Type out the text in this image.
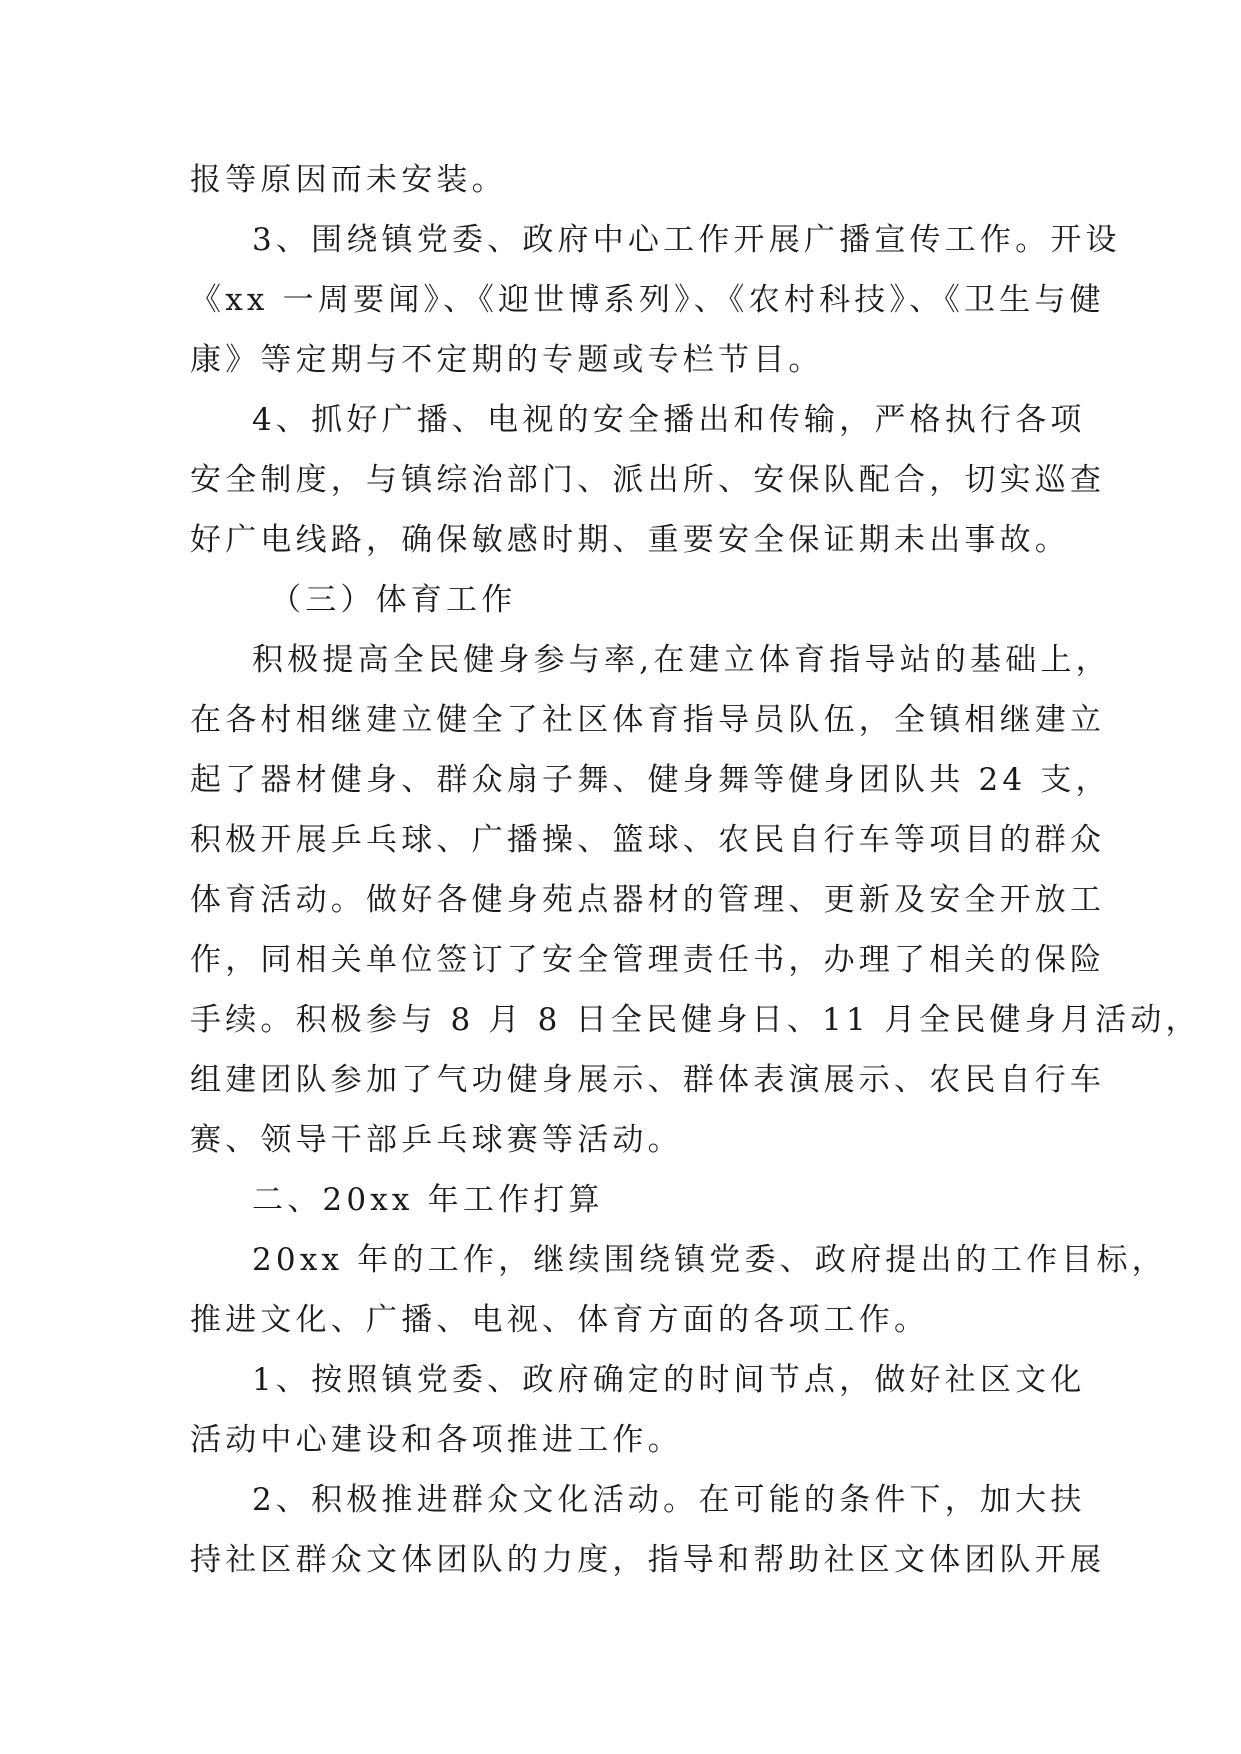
报等原因而未安装。
3、围绕镇党委、政府中心工作开展广播宣传工作。开设
《xx 一周要闻》、《迎世博系列》、《农村科技》、《卫生与健
康》等定期与不定期的专题或专栏节目。
4、抓好广播、电视的安全播出和传输，严格执行各项
安全制度，与镇综治部门、派出所、安保队配合，切实巡查
好广电线路，确保敏感时期、重要安全保证期未出事故。
（三）体育工作
积极提高全民健身参与率,在建立体育指导站的基础上，
在各村相继建立健全了社区体育指导员队伍，全镇相继建立
起了器材健身、群众扇子舞、健身舞等健身团队共 24 支，
积极开展乒乓球、广播操、篮球、农民自行车等项目的群众
体育活动。做好各健身苑点器材的管理、更新及安全开放工
作，同相关单位签订了安全管理责任书，办理了相关的保险
手续。积极参与 8 月 8 日全民健身日、11 月全民健身月活动，
组建团队参加了气功健身展示、群体表演展示、农民自行车
赛、领导干部乒乓球赛等活动。
二、20xx 年工作打算
20xx 年的工作，继续围绕镇党委、政府提出的工作目标，
推进文化、广播、电视、体育方面的各项工作。
1、按照镇党委、政府确定的时间节点，做好社区文化
活动中心建设和各项推进工作。
2、积极推进群众文化活动。在可能的条件下，加大扶
持社区群众文体团队的力度，指导和帮助社区文体团队开展
